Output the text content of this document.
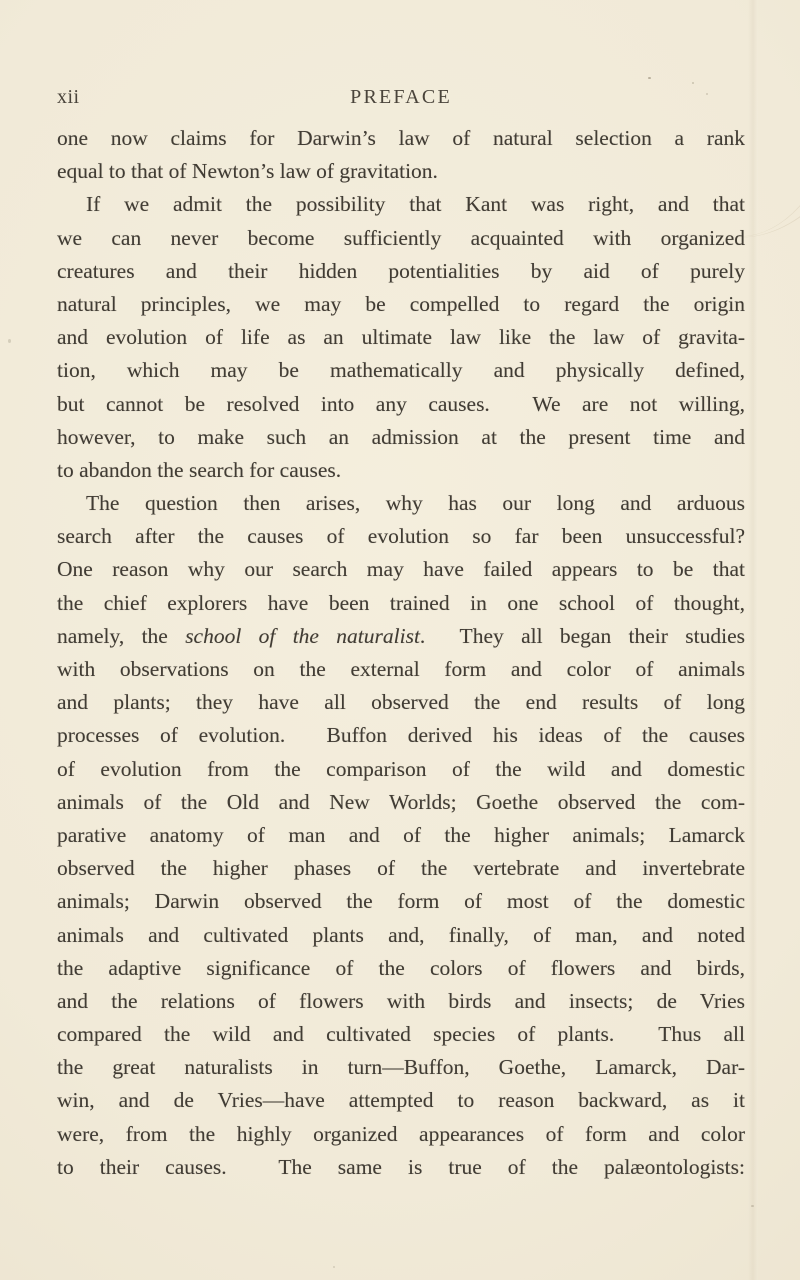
xii	PREFACE
one now claims for Darwin’s law of natural selection a rank
equal to that of Newton’s law of gravitation.
If we admit the possibility that Kant was right, and that
we can never become sufficiently acquainted with organized
creatures and their hidden potentialities by aid of purely
natural principles, we may be compelled to regard the origin
and evolution of life as an ultimate law like the law of gravita-
tion, which may be mathematically and physically defined,
but cannot be resolved into any causes.  We are not willing,
however, to make such an admission at the present time and
to abandon the search for causes.
The question then arises, why has our long and arduous
search after the causes of evolution so far been unsuccessful?
One reason why our search may have failed appears to be that
the chief explorers have been trained in one school of thought,
namely, the school of the naturalist.  They all began their studies
with observations on the external form and color of animals
and plants; they have all observed the end results of long
processes of evolution.  Buffon derived his ideas of the causes
of evolution from the comparison of the wild and domestic
animals of the Old and New Worlds; Goethe observed the com-
parative anatomy of man and of the higher animals; Lamarck
observed the higher phases of the vertebrate and invertebrate
animals; Darwin observed the form of most of the domestic
animals and cultivated plants and, finally, of man, and noted
the adaptive significance of the colors of flowers and birds,
and the relations of flowers with birds and insects; de Vries
compared the wild and cultivated species of plants.  Thus all
the great naturalists in turn—Buffon, Goethe, Lamarck, Dar-
win, and de Vries—have attempted to reason backward, as it
were, from the highly organized appearances of form and color
to their causes.  The same is true of the palæontologists:
